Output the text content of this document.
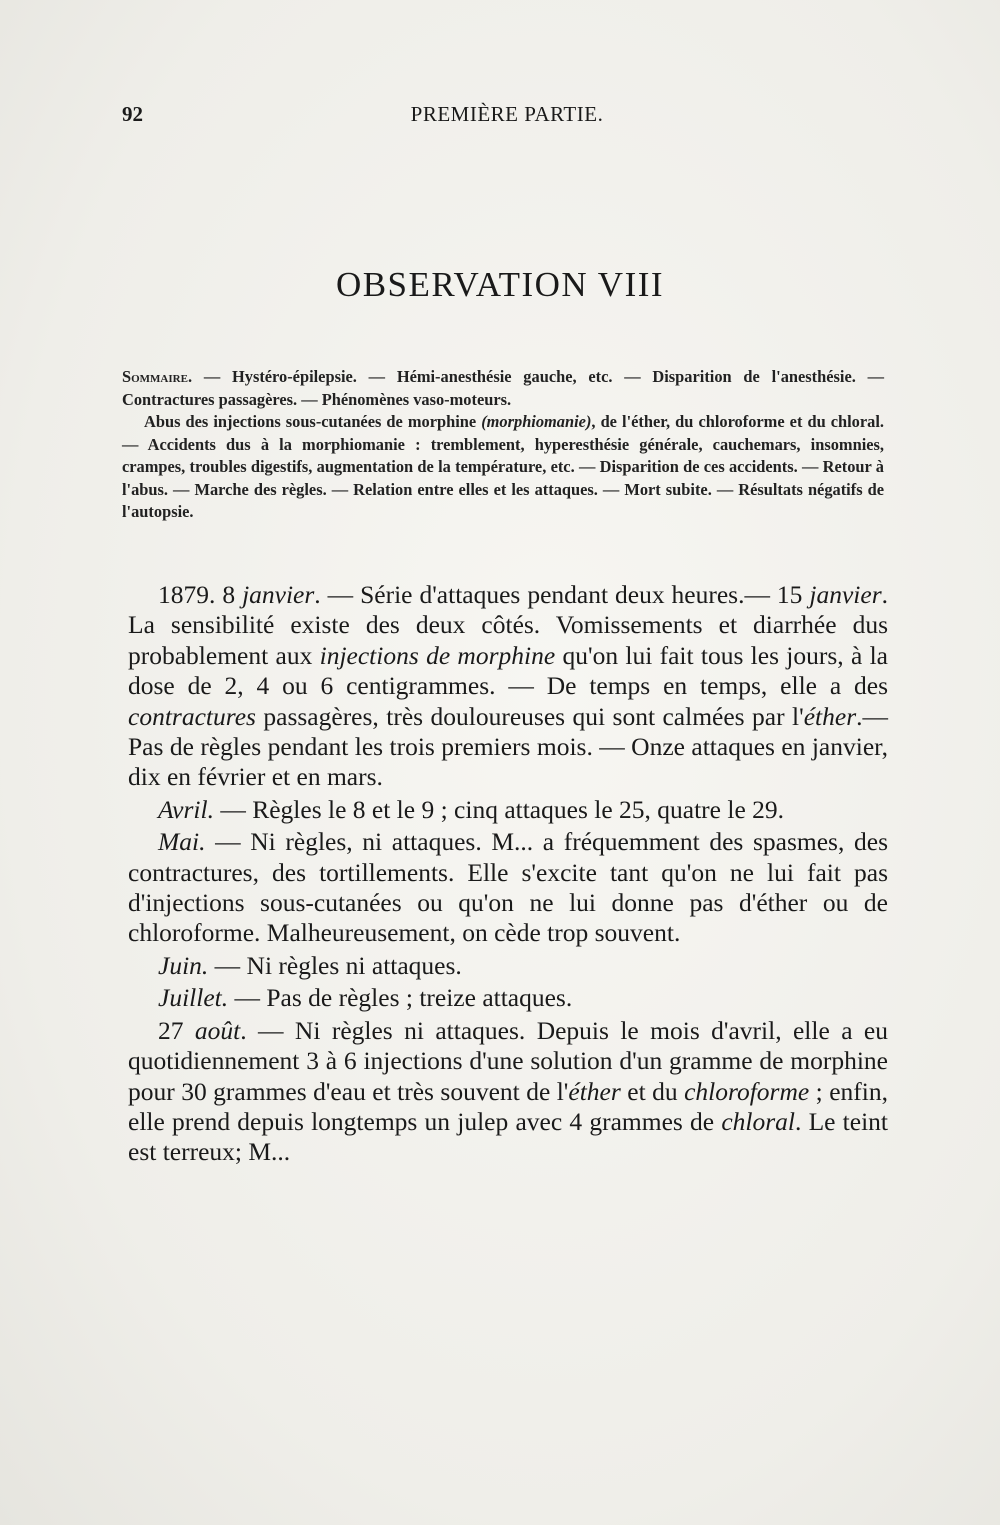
92	PREMIÈRE PARTIE.
OBSERVATION VIII

Sommaire. — Hystéro-épilepsie. — Hémi-anesthésie gauche, etc. — Disparition de l'anesthésie. — Contractures passagères. — Phénomènes vaso-moteurs.

Abus des injections sous-cutanées de morphine (morphiomanie), de l'éther, du chloroforme et du chloral. — Accidents dus à la morphiomanie : tremblement, hyperesthésie générale, cauchemars, insomnies, crampes, troubles digestifs, augmentation de la température, etc. — Disparition de ces accidents. — Retour à l'abus. — Marche des règles. — Relation entre elles et les attaques. — Mort subite. — Résultats négatifs de l'autopsie.

1879. 8 janvier. — Série d'attaques pendant deux heures.— 15 janvier. La sensibilité existe des deux côtés. Vomissements et diarrhée dus probablement aux injections de morphine qu'on lui fait tous les jours, à la dose de 2, 4 ou 6 centigrammes. — De temps en temps, elle a des contractures passagères, très douloureuses qui sont calmées par l'éther.—Pas de règles pendant les trois premiers mois. — Onze attaques en janvier, dix en février et en mars.

Avril. — Règles le 8 et le 9 ; cinq attaques le 25, quatre le 29.

Mai. — Ni règles, ni attaques. M... a fréquemment des spasmes, des contractures, des tortillements. Elle s'excite tant qu'on ne lui fait pas d'injections sous-cutanées ou qu'on ne lui donne pas d'éther ou de chloroforme. Malheureusement, on cède trop souvent.

Juin. — Ni règles ni attaques.

Juillet. — Pas de règles ; treize attaques.

27 août. — Ni règles ni attaques. Depuis le mois d'avril, elle a eu quotidiennement 3 à 6 injections d'une solution d'un gramme de morphine pour 30 grammes d'eau et très souvent de l'éther et du chloroforme ; enfin, elle prend depuis longtemps un julep avec 4 grammes de chloral. Le teint est terreux; M...
